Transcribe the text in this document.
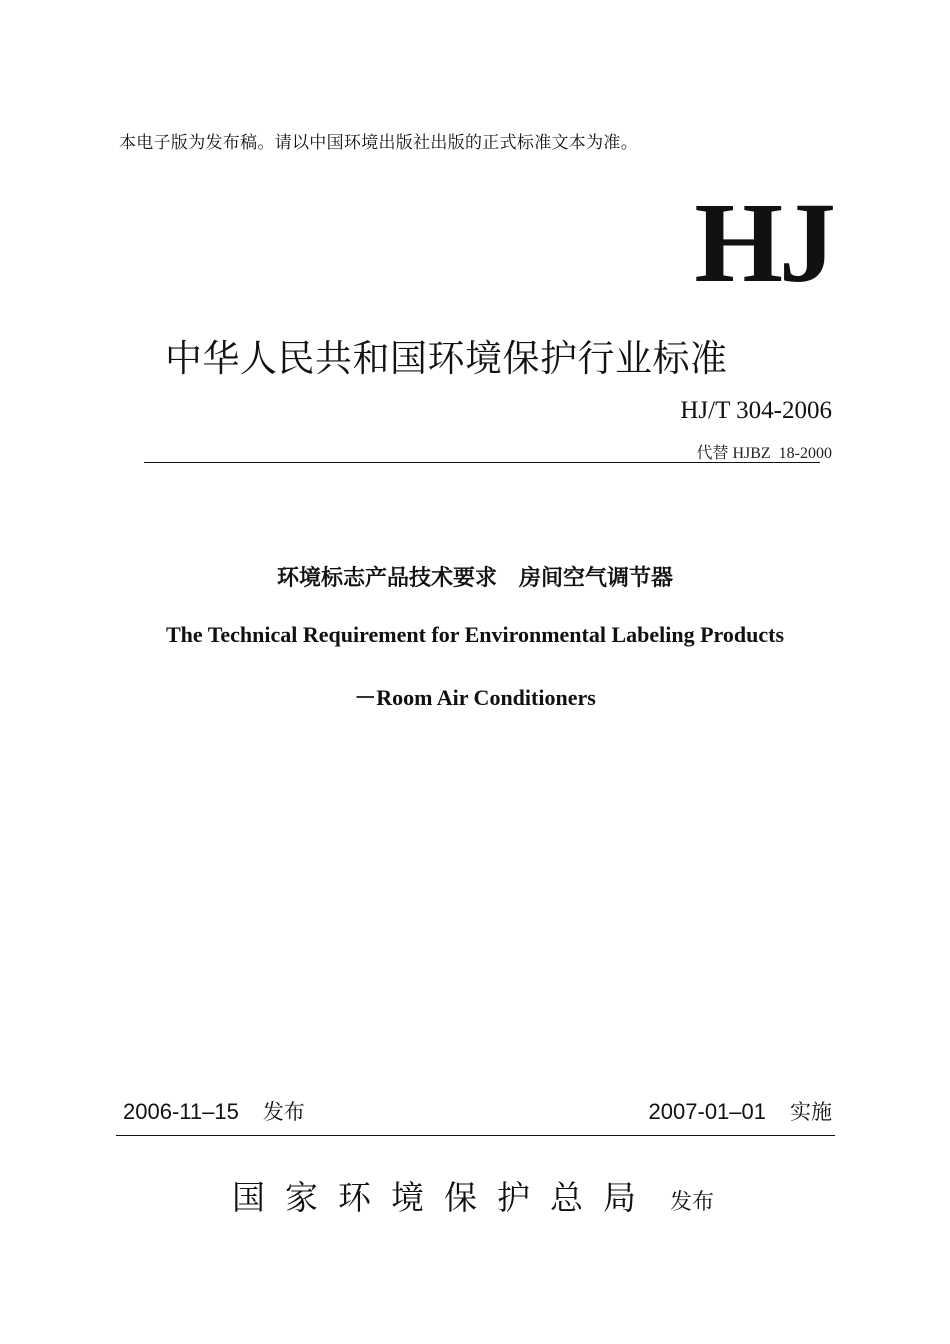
本电子版为发布稿。请以中国环境出版社出版的正式标准文本为准。
HJ
中华人民共和国环境保护行业标准
HJ/T 304-2006
代替 HJBZ  18-2000
环境标志产品技术要求　房间空气调节器
The Technical Requirement for Environmental Labeling Products
－Room Air Conditioners
2006-11–15 发布	2007-01–01 实施
国家环境保护总局 发布
